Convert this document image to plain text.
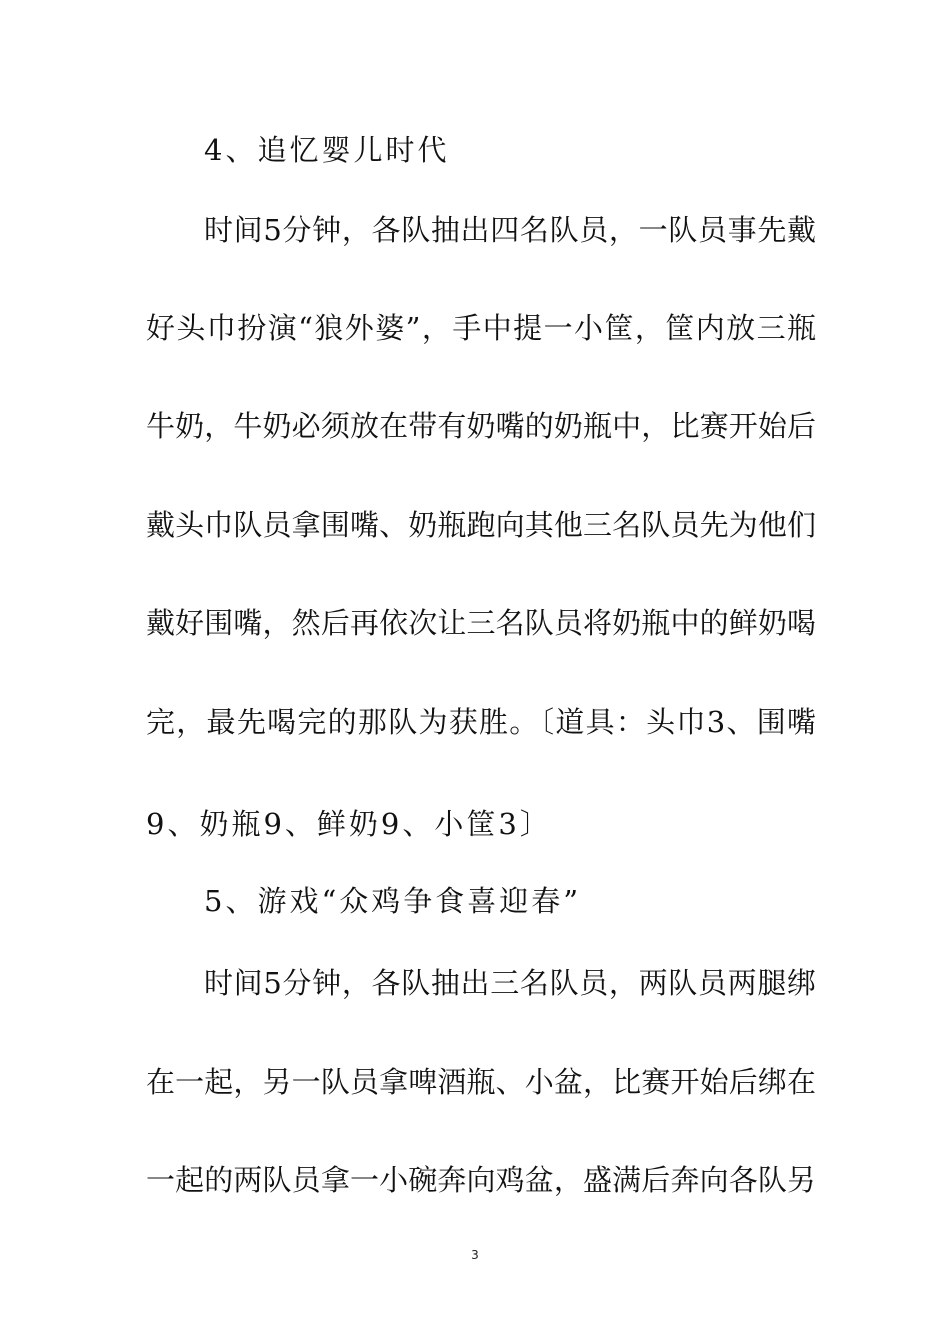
4、追忆婴儿时代
时间5分钟，各队抽出四名队员，一队员事先戴
好头巾扮演“狼外婆”，手中提一小筐，筐内放三瓶
牛奶，牛奶必须放在带有奶嘴的奶瓶中，比赛开始后
戴头巾队员拿围嘴、奶瓶跑向其他三名队员先为他们
戴好围嘴，然后再依次让三名队员将奶瓶中的鲜奶喝
完，最先喝完的那队为获胜。〔道具：头巾3、围嘴
9、奶瓶9、鲜奶9、小筐3〕
5、游戏“众鸡争食喜迎春”
时间5分钟，各队抽出三名队员，两队员两腿绑
在一起，另一队员拿啤酒瓶、小盆，比赛开始后绑在
一起的两队员拿一小碗奔向鸡盆，盛满后奔向各队另
3
